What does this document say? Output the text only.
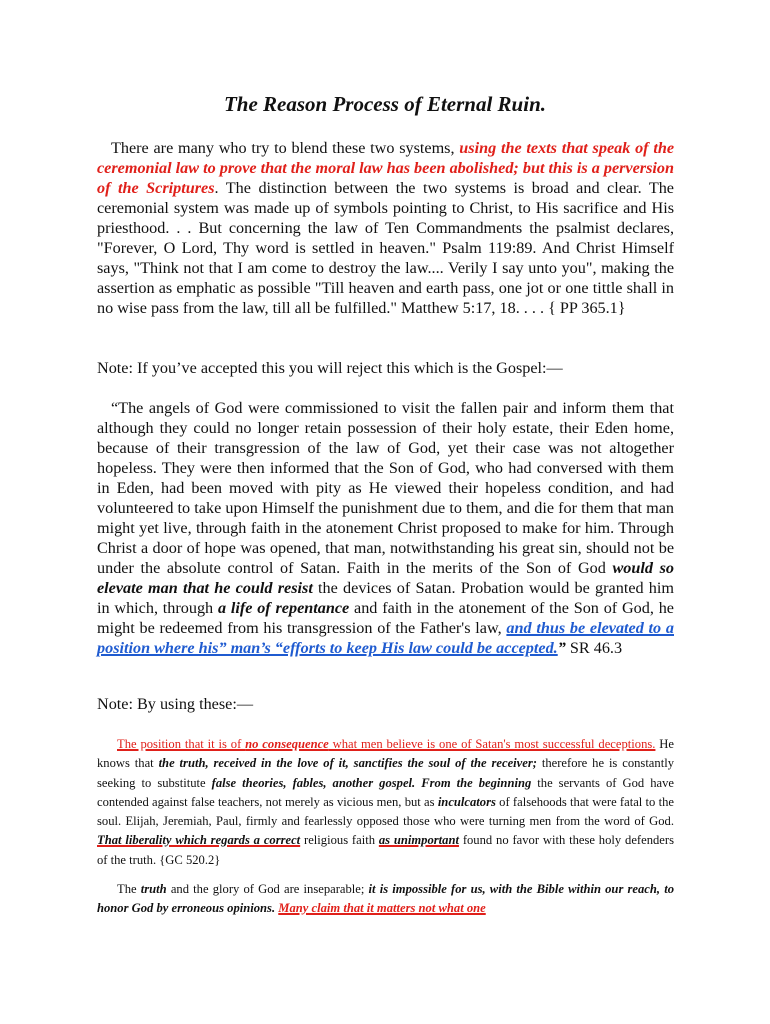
The Reason Process of Eternal Ruin.

There are many who try to blend these two systems, using the texts that speak of the ceremonial law to prove that the moral law has been abolished; but this is a perversion of the Scriptures. The distinction between the two systems is broad and clear. The ceremonial system was made up of symbols pointing to Christ, to His sacrifice and His priesthood. . . But concerning the law of Ten Commandments the psalmist declares, "Forever, O Lord, Thy word is settled in heaven." Psalm 119:89. And Christ Himself says, "Think not that I am come to destroy the law.... Verily I say unto you", making the assertion as emphatic as possible "Till heaven and earth pass, one jot or one tittle shall in no wise pass from the law, till all be fulfilled." Matthew 5:17, 18. . . . { PP 365.1}

Note: If you’ve accepted this you will reject this which is the Gospel:—

“The angels of God were commissioned to visit the fallen pair and inform them that although they could no longer retain possession of their holy estate, their Eden home, because of their transgression of the law of God, yet their case was not altogether hopeless. They were then informed that the Son of God, who had conversed with them in Eden, had been moved with pity as He viewed their hopeless condition, and had volunteered to take upon Himself the punishment due to them, and die for them that man might yet live, through faith in the atonement Christ proposed to make for him. Through Christ a door of hope was opened, that man, notwithstanding his great sin, should not be under the absolute control of Satan. Faith in the merits of the Son of God would so elevate man that he could resist the devices of Satan. Probation would be granted him in which, through a life of repentance and faith in the atonement of the Son of God, he might be redeemed from his transgression of the Father's law, and thus be elevated to a position where his” man’s “efforts to keep His law could be accepted.” SR 46.3

Note: By using these:—

The position that it is of no consequence what men believe is one of Satan's most successful deceptions. He knows that the truth, received in the love of it, sanctifies the soul of the receiver; therefore he is constantly seeking to substitute false theories, fables, another gospel. From the beginning the servants of God have contended against false teachers, not merely as vicious men, but as inculcators of falsehoods that were fatal to the soul. Elijah, Jeremiah, Paul, firmly and fearlessly opposed those who were turning men from the word of God. That liberality which regards a correct religious faith as unimportant found no favor with these holy defenders of the truth. {GC 520.2}

The truth and the glory of God are inseparable; it is impossible for us, with the Bible within our reach, to honor God by erroneous opinions. Many claim that it matters not what one
